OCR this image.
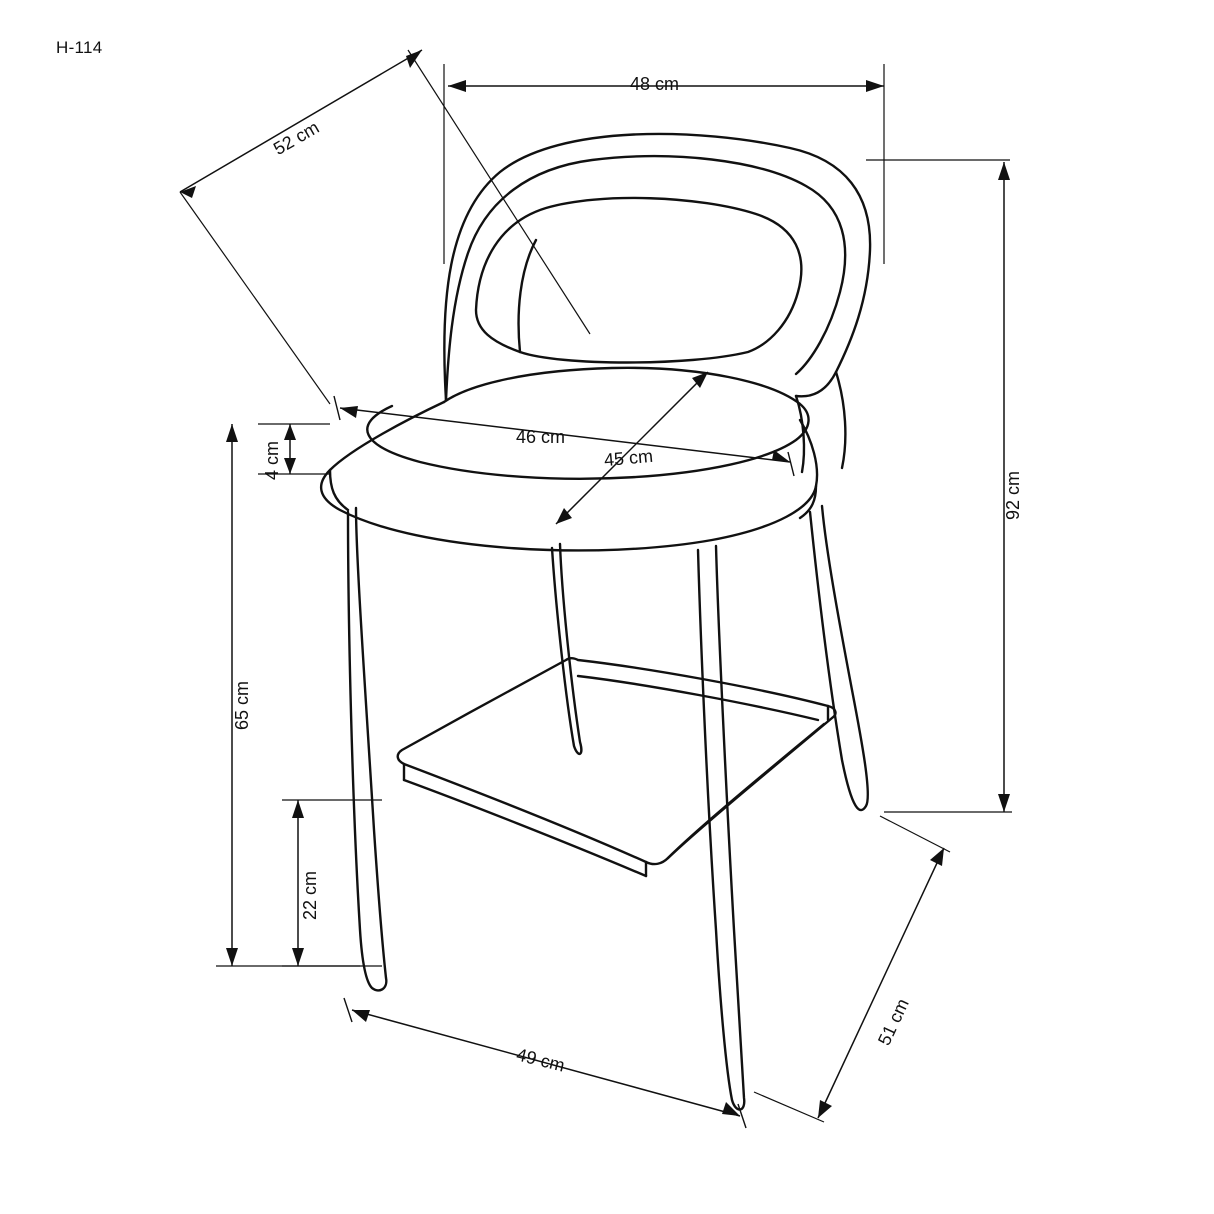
H-114
52 cm
48 cm
46 cm
45 cm
4 cm
92 cm
65 cm
22 cm
49 cm
51 cm
